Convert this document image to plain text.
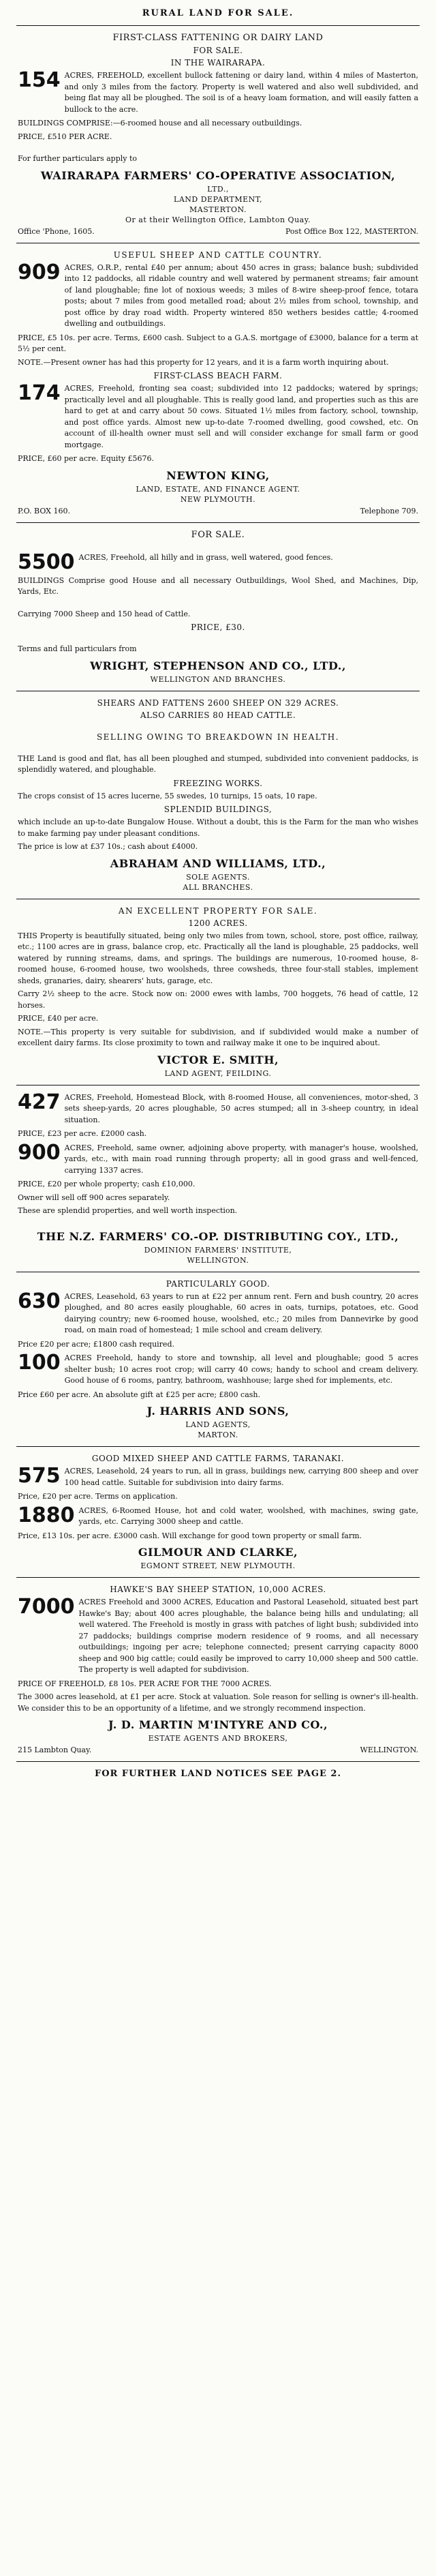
RURAL LAND FOR SALE.
FIRST-CLASS FATTENING OR DAIRY LAND
FOR SALE.
IN THE WAIRARAPA.
154 ACRES, FREEHOLD, excellent bullock fattening or dairy land, within 4 miles of Masterton, and only 3 miles from the factory. Property is well watered and also well subdivided, and being flat may all be ploughed. The soil is of a heavy loam formation, and will easily fatten a bullock to the acre.

BUILDINGS COMPRISE:—6-roomed house and all necessary outbuildings.

PRICE, £510 PER ACRE.

For further particulars apply to

WAIRARAPA FARMERS' CO-OPERATIVE ASSOCIATION,
LTD.,
LAND DEPARTMENT,
MASTERTON.
Or at their Wellington Office, Lambton Quay.
Office 'Phone, 1605.	Post Office Box 122, MASTERTON.
USEFUL SHEEP AND CATTLE COUNTRY.
909 ACRES, O.R.P., rental £40 per annum; about 450 acres in grass; balance bush; subdivided into 12 paddocks, all ridable country and well watered by permanent streams; fair amount of land ploughable; fine lot of noxious weeds; 3 miles of 8-wire sheep-proof fence, totara posts; about 7 miles from good metalled road; about 2½ miles from school, township, and post office by dray road width. Property wintered 850 wethers besides cattle; 4-roomed dwelling and outbuildings.

PRICE, £5 10s. per acre. Terms, £600 cash. Subject to a G.A.S. mortgage of £3000, balance for a term at 5½ per cent.

NOTE.—Present owner has had this property for 12 years, and it is a farm worth inquiring about.

FIRST-CLASS BEACH FARM.
174 ACRES, Freehold, fronting sea coast; subdivided into 12 paddocks; watered by springs; practically level and all ploughable. This is really good land, and properties such as this are hard to get at and carry about 50 cows. Situated 1½ miles from factory, school, township, and post office yards. Almost new up-to-date 7-roomed dwelling, good cowshed, etc. On account of ill-health owner must sell and will consider exchange for small farm or good mortgage.

PRICE, £60 per acre. Equity £5676.

NEWTON KING,
LAND, ESTATE, AND FINANCE AGENT.
NEW PLYMOUTH.
P.O. BOX 160.	Telephone 709.
FOR SALE.
5500 ACRES, Freehold, all hilly and in grass, well watered, good fences.

BUILDINGS Comprise good House and all necessary Outbuildings, Wool Shed, and Machines, Dip, Yards, Etc.

Carrying 7000 Sheep and 150 head of Cattle.

PRICE, £30.

Terms and full particulars from

WRIGHT, STEPHENSON AND CO., LTD.,
WELLINGTON AND BRANCHES.
SHEARS AND FATTENS 2600 SHEEP ON 329 ACRES.
ALSO CARRIES 80 HEAD CATTLE.
SELLING OWING TO BREAKDOWN IN HEALTH.

THE Land is good and flat, has all been ploughed and stumped, subdivided into convenient paddocks, is splendidly watered, and ploughable.

FREEZING WORKS.

The crops consist of 15 acres lucerne, 55 swedes, 10 turnips, 15 oats, 10 rape.

SPLENDID BUILDINGS,

which include an up-to-date Bungalow House. Without a doubt, this is the Farm for the man who wishes to make farming pay under pleasant conditions.

The price is low at £37 10s.; cash about £4000.

ABRAHAM AND WILLIAMS, LTD.,
SOLE AGENTS.
ALL BRANCHES.
AN EXCELLENT PROPERTY FOR SALE.
1200 ACRES.

THIS Property is beautifully situated, being only two miles from town, school, store, post office, railway, etc.; 1100 acres are in grass, balance crop, etc. Practically all the land is ploughable, 25 paddocks, well watered by running streams, dams, and springs. The buildings are numerous, 10-roomed house, 8-roomed house, 6-roomed house, two woolsheds, three cowsheds, three four-stall stables, implement sheds, granaries, dairy, shearers' huts, garage, etc.

Carry 2½ sheep to the acre. Stock now on: 2000 ewes with lambs, 700 hoggets, 76 head of cattle, 12 horses.

PRICE, £40 per acre.

NOTE.—This property is very suitable for subdivision, and if subdivided would make a number of excellent dairy farms. Its close proximity to town and railway make it one to be inquired about.

VICTOR E. SMITH,
LAND AGENT, FEILDING.
427 ACRES, Freehold, Homestead Block, with 8-roomed House, all conveniences, motor-shed, 3 sets sheep-yards, 20 acres ploughable, 50 acres stumped; all in 3-sheep country, in ideal situation.

PRICE, £23 per acre. £2000 cash.

900 ACRES, Freehold, same owner, adjoining above property, with manager's house, woolshed, yards, etc., with main road running through property; all in good grass and well-fenced, carrying 1337 acres.

PRICE, £20 per whole property; cash £10,000.

Owner will sell off 900 acres separately.

These are splendid properties, and well worth inspection.

THE N.Z. FARMERS' CO.-OP. DISTRIBUTING COY., LTD.,
DOMINION FARMERS' INSTITUTE,
WELLINGTON.
PARTICULARLY GOOD.
630 ACRES, Leasehold, 63 years to run at £22 per annum rent. Fern and bush country, 20 acres ploughed, and 80 acres easily ploughable, 60 acres in oats, turnips, potatoes, etc. Good dairying country; new 6-roomed house, woolshed, etc.; 20 miles from Dannevirke by good road, on main road of homestead; 1 mile school and cream delivery.

Price £20 per acre; £1800 cash required.

100 ACRES Freehold, handy to store and township, all level and ploughable; good 5 acres shelter bush; 10 acres root crop; will carry 40 cows; handy to school and cream delivery. Good house of 6 rooms, pantry, bathroom, washhouse; large shed for implements, etc.

Price £60 per acre. An absolute gift at £25 per acre; £800 cash.

J. HARRIS AND SONS,
LAND AGENTS,
MARTON.
GOOD MIXED SHEEP AND CATTLE FARMS, TARANAKI.
575 ACRES, Leasehold, 24 years to run, all in grass, buildings new, carrying 800 sheep and over 100 head cattle. Suitable for subdivision into dairy farms.

Price, £20 per acre. Terms on application.

1880 ACRES, 6-Roomed House, hot and cold water, woolshed, with machines, swing gate, yards, etc. Carrying 3000 sheep and cattle.

Price, £13 10s. per acre. £3000 cash. Will exchange for good town property or small farm.

GILMOUR AND CLARKE,
EGMONT STREET, NEW PLYMOUTH.
HAWKE'S BAY SHEEP STATION, 10,000 ACRES.
7000 ACRES Freehold and 3000 ACRES, Education and Pastoral Leasehold, situated best part Hawke's Bay; about 400 acres ploughable, the balance being hills and undulating; all well watered. The Freehold is mostly in grass with patches of light bush; subdivided into 27 paddocks; buildings comprise modern residence of 9 rooms, and all necessary outbuildings; ingoing per acre; telephone connected; present carrying capacity 8000 sheep and 900 big cattle; could easily be improved to carry 10,000 sheep and 500 cattle. The property is well adapted for subdivision.

PRICE OF FREEHOLD, £8 10s. PER ACRE FOR THE 7000 ACRES.

The 3000 acres leasehold, at £1 per acre. Stock at valuation. Sole reason for selling is owner's ill-health. We consider this to be an opportunity of a lifetime, and we strongly recommend inspection.

J. D. MARTIN M'INTYRE AND CO.,
ESTATE AGENTS AND BROKERS,
215 Lambton Quay.	WELLINGTON.
FOR FURTHER LAND NOTICES SEE PAGE 2.
